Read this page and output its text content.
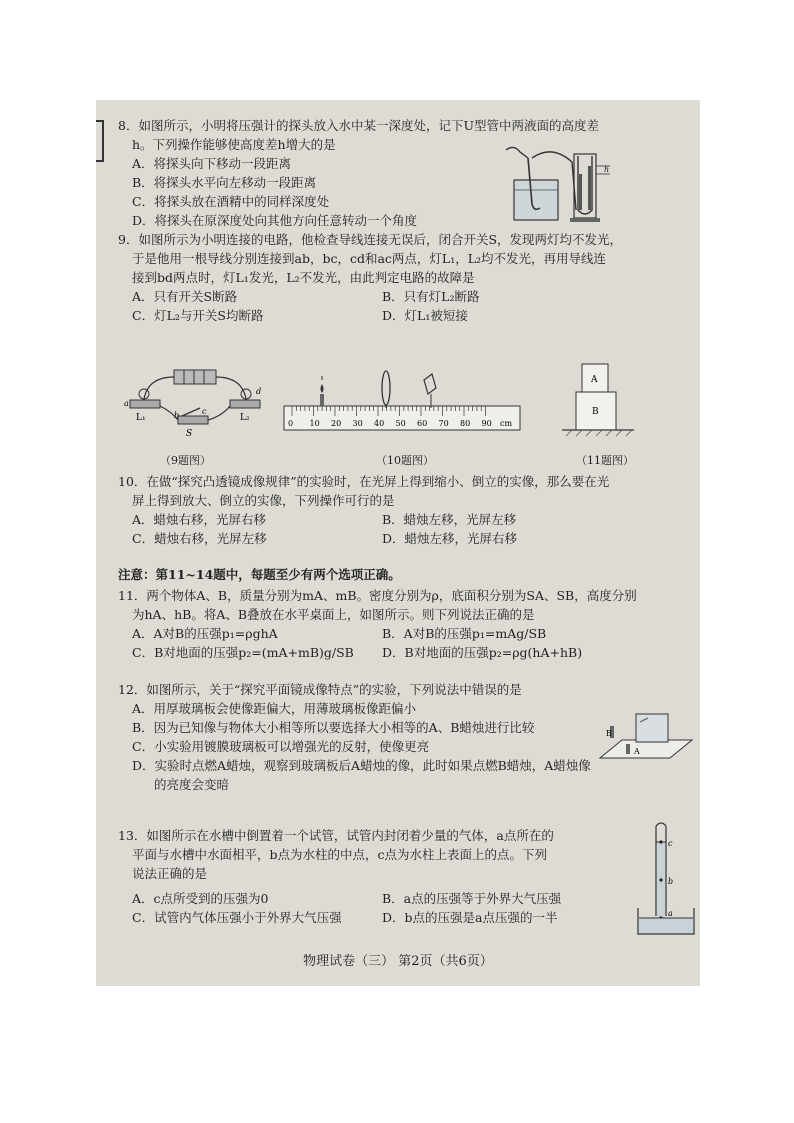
8．如图所示，小明将压强计的探头放入水中某一深度处，记下U型管中两液面的高度差

h。下列操作能够使高度差h增大的是

A．将探头向下移动一段距离

B．将探头水平向左移动一段距离

C．将探头放在酒精中的同样深度处

D．将探头在原深度处向其他方向任意转动一个角度

h

9．如图所示为小明连接的电路，他检查导线连接无误后，闭合开关S，发现两灯均不发光，

于是他用一根导线分别连接到ab，bc，cd和ac两点，灯L₁，L₂均不发光，再用导线连

接到bd两点时，灯L₁发光，L₂不发光，由此判定电路的故障是

A．只有开关S断路	B．只有灯L₂断路
C．灯L₂与开关S均断路	D．灯L₁被短接
a
b	c
d
L₁	L₂
S
（9题图）
0 10 20 30 40 50 60 70 80 90 cm
（10题图）
A
B
（11题图）

10．在做“探究凸透镜成像规律”的实验时，在光屏上得到缩小、倒立的实像，那么要在光

屏上得到放大、倒立的实像，下列操作可行的是

A．蜡烛右移，光屏右移	B．蜡烛左移，光屏左移
C．蜡烛右移，光屏左移	D．蜡烛左移，光屏右移
注意：第11~14题中，每题至少有两个选项正确。

11．两个物体A、B，质量分别为mA、mB。密度分别为ρ，底面积分别为SA、SB，高度分别

为hA、hB。将A、B叠放在水平桌面上，如图所示。则下列说法正确的是

A．A对B的压强p₁=ρghA	B．A对B的压强p₁=mAg/SB
C．B对地面的压强p₂=(mA+mB)g/SB	D．B对地面的压强p₂=ρg(hA+hB)

12．如图所示，关于“探究平面镜成像特点”的实验，下列说法中错误的是

A．用厚玻璃板会使像距偏大，用薄玻璃板像距偏小

B．因为已知像与物体大小相等所以要选择大小相等的A、B蜡烛进行比较

C．小实验用镀膜玻璃板可以增强光的反射，使像更亮

D．实验时点燃A蜡烛，观察到玻璃板后A蜡烛的像，此时如果点燃B蜡烛，A蜡烛像

的亮度会变暗

B
A

13．如图所示在水槽中倒置着一个试管，试管内封闭着少量的气体，a点所在的

平面与水槽中水面相平，b点为水柱的中点，c点为水柱上表面上的点。下列

说法正确的是

A．c点所受到的压强为0	B．a点的压强等于外界大气压强
C．试管内气体压强小于外界大气压强	D．b点的压强是a点压强的一半
c
b
a
物理试卷（三） 第2页（共6页）
